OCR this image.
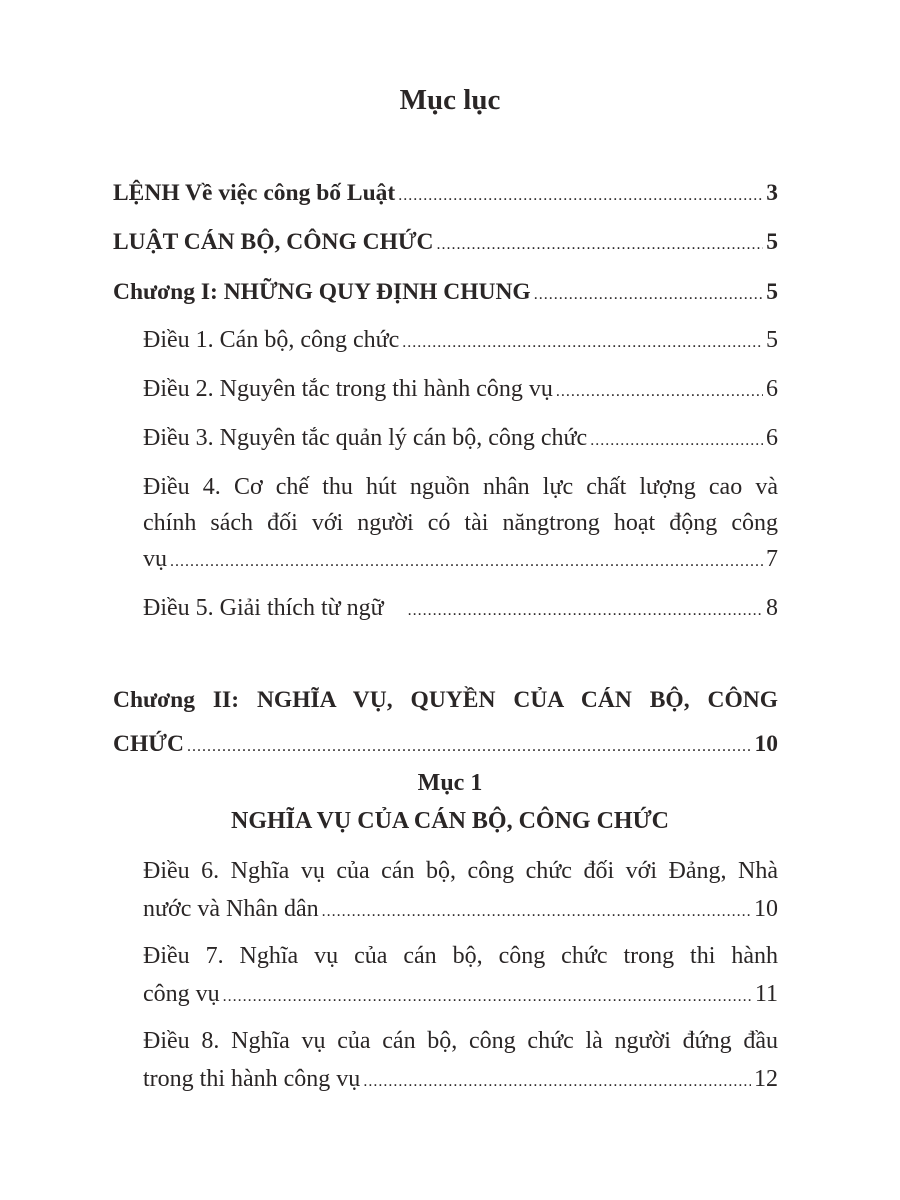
Mục lục
LỆNH Về việc công bố Luật .....	3
LUẬT CÁN BỘ, CÔNG CHỨC .....	5
Chương I: NHỮNG QUY ĐỊNH CHUNG .....	5
Điều 1. Cán bộ, công chức .....	5
Điều 2. Nguyên tắc trong thi hành công vụ .....	6
Điều 3. Nguyên tắc quản lý cán bộ, công chức .....	6
Điều 4. Cơ chế thu hút nguồn nhân lực chất lượng cao và
chính sách đối với người có tài năngtrong hoạt động công
vụ .....	7
Điều 5. Giải thích từ ngữ .....	8
Chương II: NGHĨA VỤ, QUYỀN CỦA CÁN BỘ, CÔNG
CHỨC .....	10
Mục 1
NGHĨA VỤ CỦA CÁN BỘ, CÔNG CHỨC
Điều 6. Nghĩa vụ của cán bộ, công chức đối với Đảng, Nhà
nước và Nhân dân .....	10
Điều 7. Nghĩa vụ của cán bộ, công chức trong thi hành
công vụ .....	11
Điều 8. Nghĩa vụ của cán bộ, công chức là người đứng đầu
trong thi hành công vụ .....	12
